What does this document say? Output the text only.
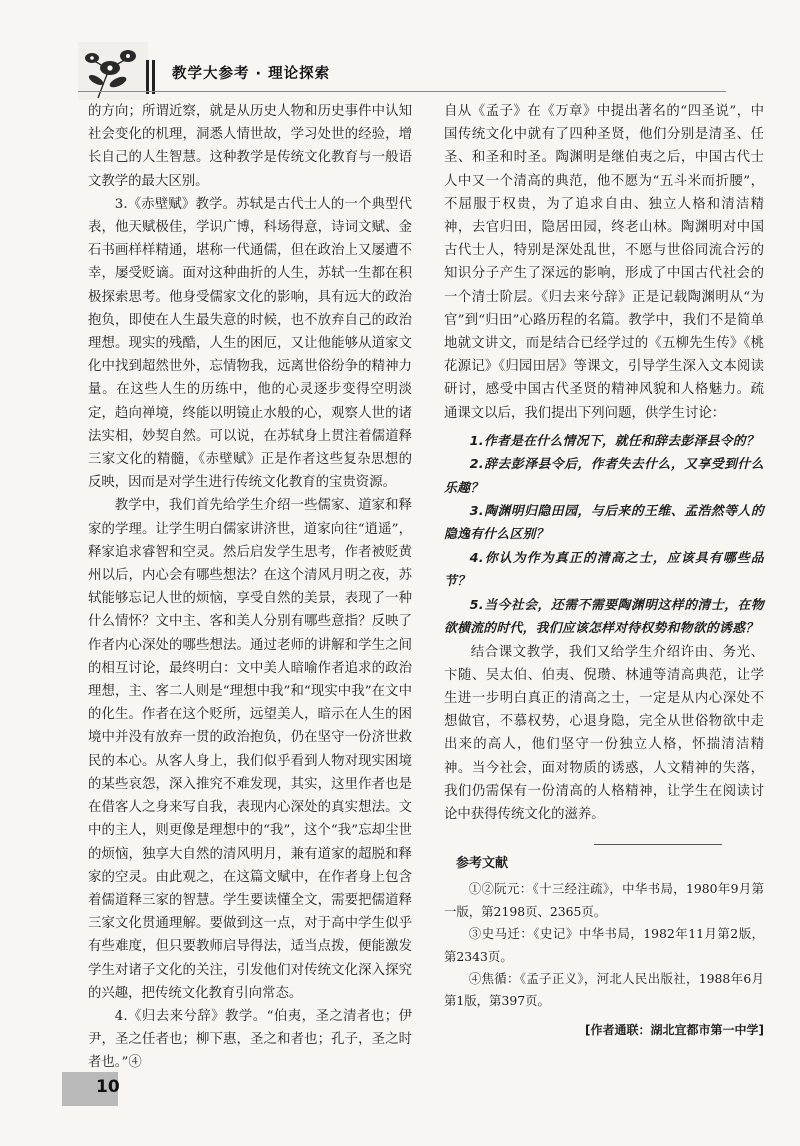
教学大参考 · 理论探索

的方向；所谓近察，就是从历史人物和历史事件中认知社会变化的机理，洞悉人情世故，学习处世的经验，增长自己的人生智慧。这种教学是传统文化教育与一般语文教学的最大区别。

3.《赤壁赋》教学。苏轼是古代士人的一个典型代表，他天赋极佳，学识广博，科场得意，诗词文赋、金石书画样样精通，堪称一代通儒，但在政治上又屡遭不幸，屡受贬谪。面对这种曲折的人生，苏轼一生都在积极探索思考。他身受儒家文化的影响，具有远大的政治抱负，即使在人生最失意的时候，也不放弃自己的政治理想。现实的残酷，人生的困厄，又让他能够从道家文化中找到超然世外，忘情物我，远离世俗纷争的精神力量。在这些人生的历练中，他的心灵逐步变得空明淡定，趋向禅境，终能以明镜止水般的心，观察人世的诸法实相，妙契自然。可以说，在苏轼身上贯注着儒道释三家文化的精髓，《赤壁赋》正是作者这些复杂思想的反映，因而是对学生进行传统文化教育的宝贵资源。

教学中，我们首先给学生介绍一些儒家、道家和释家的学理。让学生明白儒家讲济世，道家向往“逍遥”，释家追求睿智和空灵。然后启发学生思考，作者被贬黄州以后，内心会有哪些想法？在这个清风月明之夜，苏轼能够忘记人世的烦恼，享受自然的美景，表现了一种什么情怀？文中主、客和美人分别有哪些意指？反映了作者内心深处的哪些想法。通过老师的讲解和学生之间的相互讨论，最终明白：文中美人暗喻作者追求的政治理想，主、客二人则是“理想中我”和“现实中我”在文中的化生。作者在这个贬所，远望美人，暗示在人生的困境中并没有放弃一贯的政治抱负，仍在坚守一份济世救民的本心。从客人身上，我们似乎看到人物对现实困境的某些哀怨，深入推究不难发现，其实，这里作者也是在借客人之身来写自我，表现内心深处的真实想法。文中的主人，则更像是理想中的“我”，这个“我”忘却尘世的烦恼，独享大自然的清风明月，兼有道家的超脱和释家的空灵。由此观之，在这篇文赋中，在作者身上包含着儒道释三家的智慧。学生要读懂全文，需要把儒道释三家文化贯通理解。要做到这一点，对于高中学生似乎有些难度，但只要教师启导得法，适当点拨，便能激发学生对诸子文化的关注，引发他们对传统文化深入探究的兴趣，把传统文化教育引向常态。

4.《归去来兮辞》教学。“伯夷，圣之清者也；伊尹，圣之任者也；柳下惠，圣之和者也；孔子，圣之时者也。”④

自从《孟子》在《万章》中提出著名的“四圣说”，中国传统文化中就有了四种圣贤，他们分别是清圣、任圣、和圣和时圣。陶渊明是继伯夷之后，中国古代士人中又一个清高的典范，他不愿为“五斗米而折腰”，不屈服于权贵，为了追求自由、独立人格和清洁精神，去官归田，隐居田园，终老山林。陶渊明对中国古代士人，特别是深处乱世，不愿与世俗同流合污的知识分子产生了深远的影响，形成了中国古代社会的一个清士阶层。《归去来兮辞》正是记载陶渊明从“为官”到“归田”心路历程的名篇。教学中，我们不是简单地就文讲文，而是结合已经学过的《五柳先生传》《桃花源记》《归园田居》等课文，引导学生深入文本阅读研讨，感受中国古代圣贤的精神风貌和人格魅力。疏通课文以后，我们提出下列问题，供学生讨论：

1.作者是在什么情况下，就任和辞去彭泽县令的？

2.辞去彭泽县令后，作者失去什么，又享受到什么乐趣？

3.陶渊明归隐田园，与后来的王维、孟浩然等人的隐逸有什么区别？

4.你认为作为真正的清高之士，应该具有哪些品节？

5.当今社会，还需不需要陶渊明这样的清士，在物欲横流的时代，我们应该怎样对待权势和物欲的诱惑？

结合课文教学，我们又给学生介绍许由、务光、卞随、吴太伯、伯夷、倪瓒、林逋等清高典范，让学生进一步明白真正的清高之士，一定是从内心深处不想做官，不慕权势，心退身隐，完全从世俗物欲中走出来的高人，他们坚守一份独立人格，怀揣清洁精神。当今社会，面对物质的诱惑，人文精神的失落，我们仍需保有一份清高的人格精神，让学生在阅读讨论中获得传统文化的滋养。

参考文献

①②阮元：《十三经注疏》，中华书局，1980年9月第一版，第2198页、2365页。

③史马迁：《史记》中华书局，1982年11月第2版，第2343页。

④焦循：《孟子正义》，河北人民出版社，1988年6月第1版，第397页。

[作者通联：湖北宜都市第一中学]
10
